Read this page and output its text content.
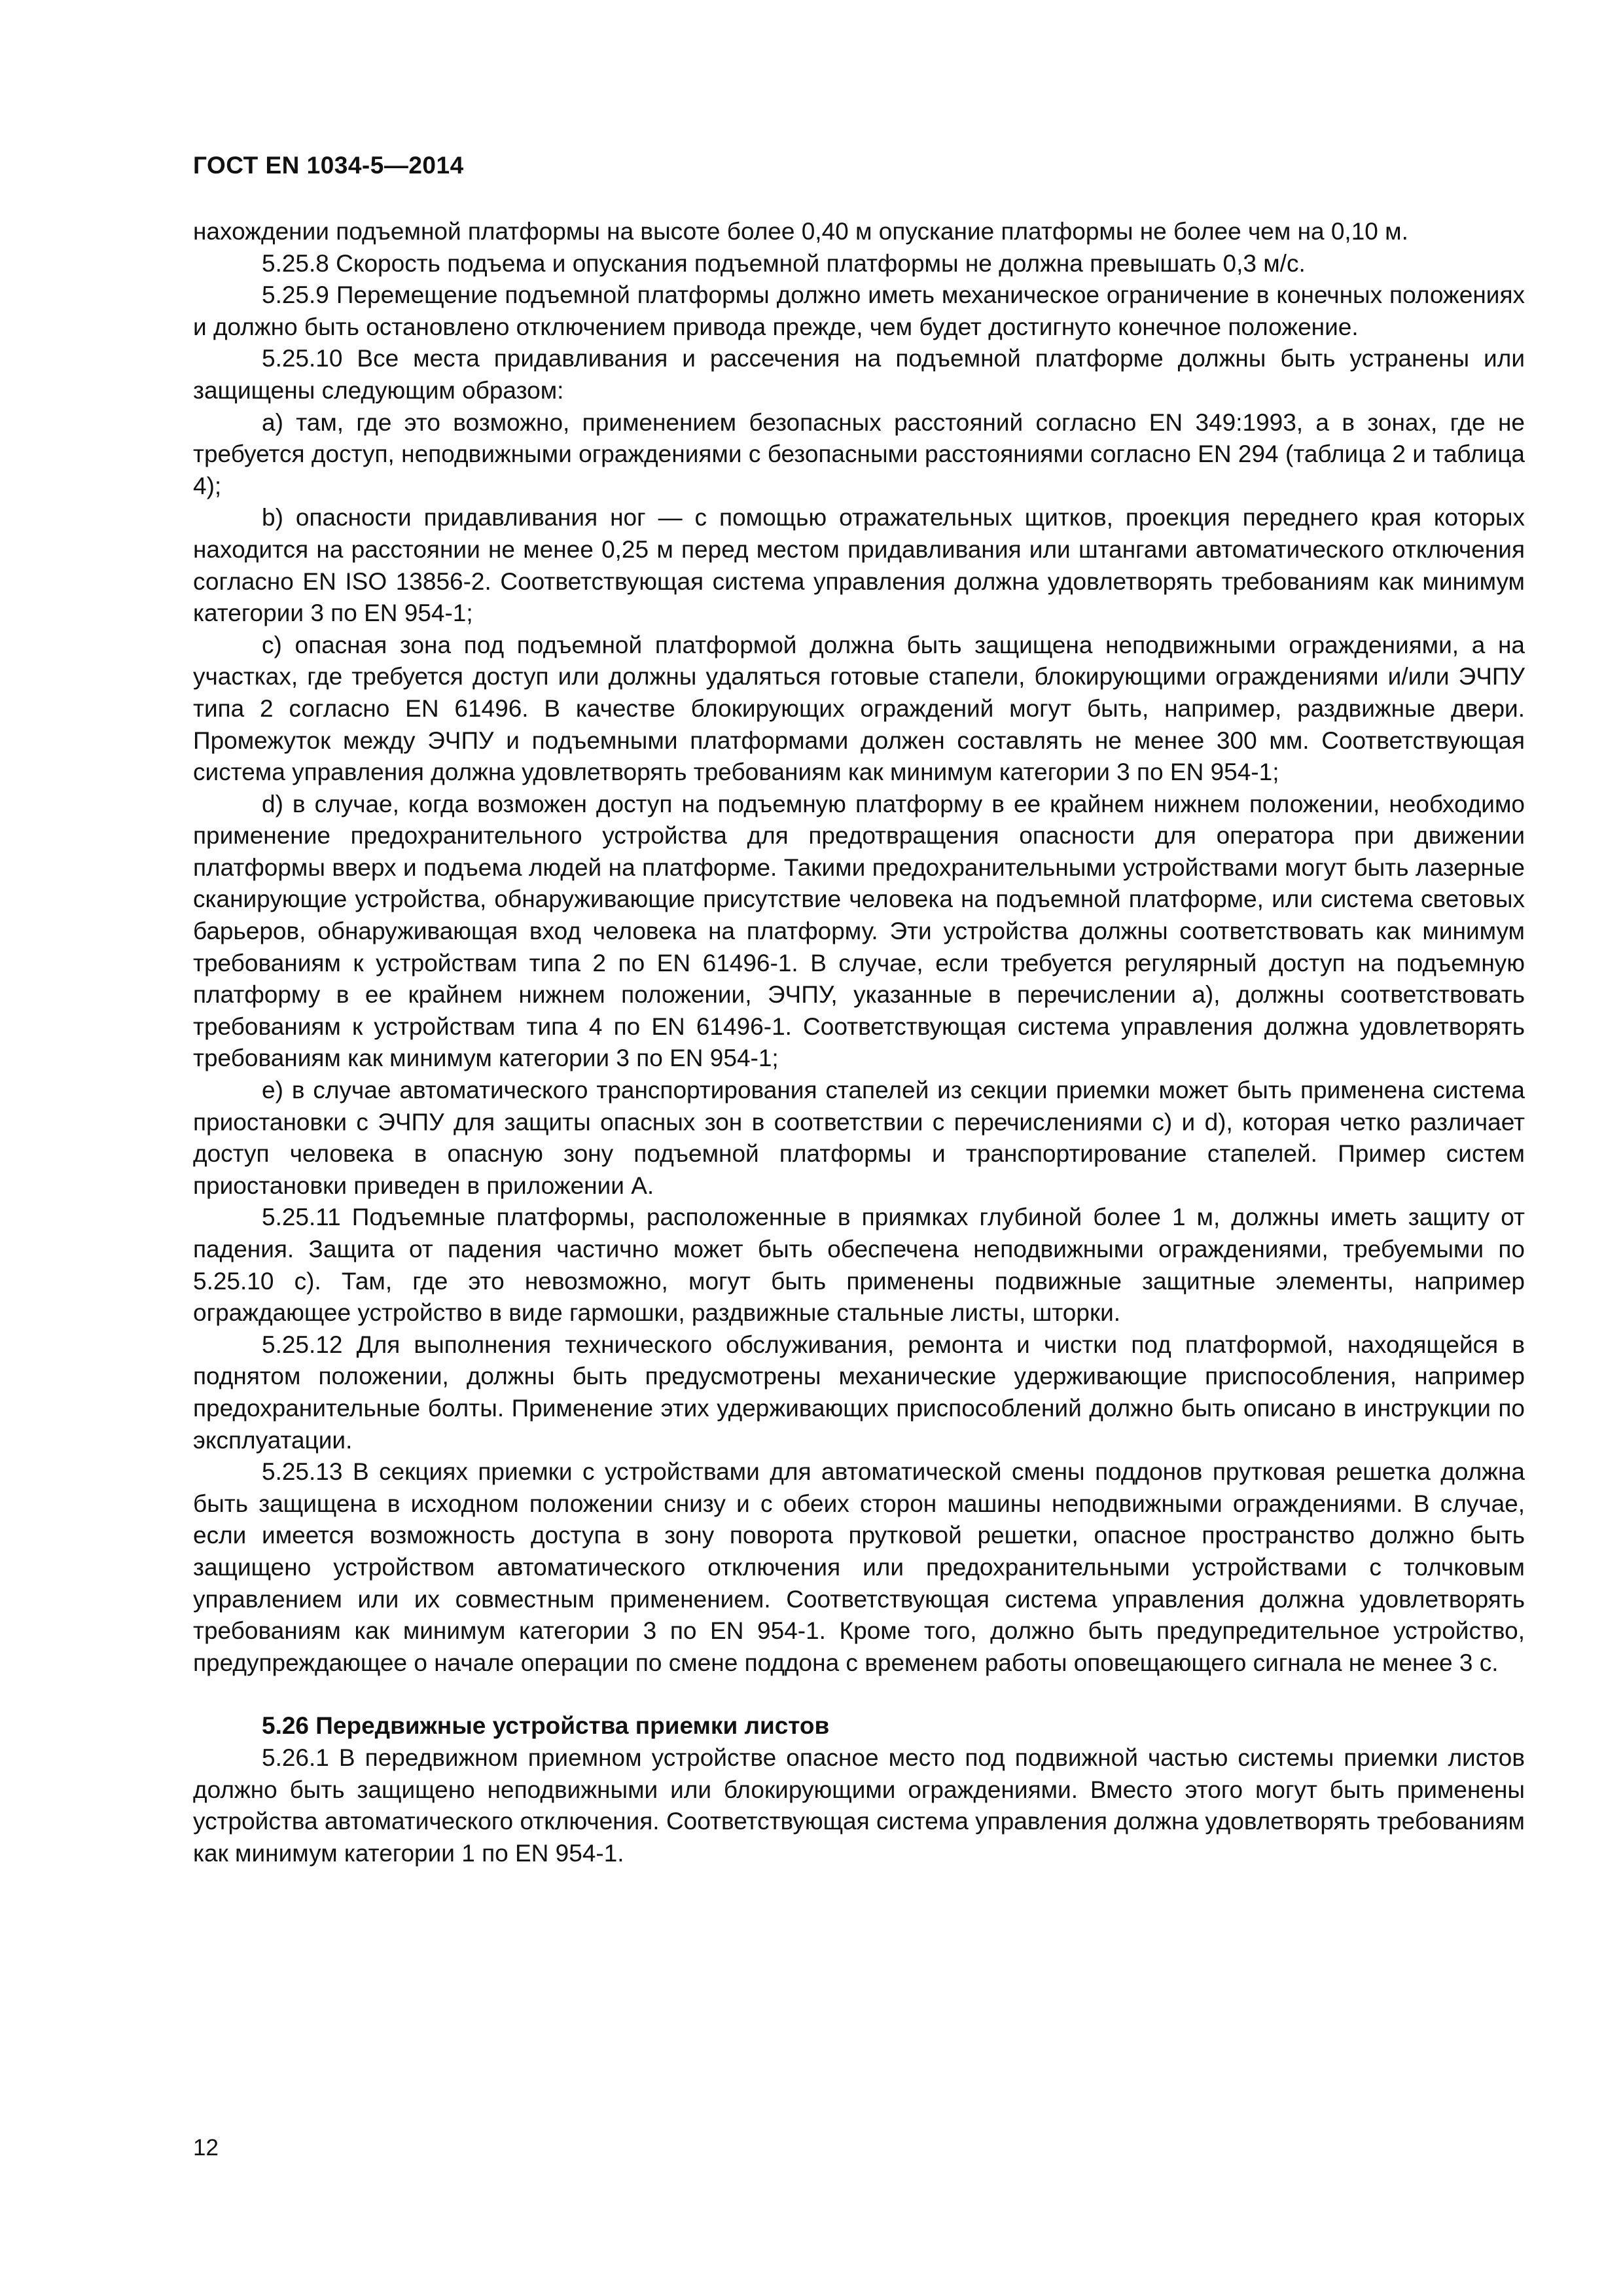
ГОСТ EN 1034-5—2014

нахождении подъемной платформы на высоте более 0,40 м опускание платформы не более чем на 0,10 м.

5.25.8 Скорость подъема и опускания подъемной платформы не должна превышать 0,3 м/с.

5.25.9 Перемещение подъемной платформы должно иметь механическое ограничение в конечных положениях и должно быть остановлено отключением привода прежде, чем будет достигнуто конечное положение.

5.25.10 Все места придавливания и рассечения на подъемной платформе должны быть устранены или защищены следующим образом:

а) там, где это возможно, применением безопасных расстояний согласно EN 349:1993, а в зонах, где не требуется доступ, неподвижными ограждениями с безопасными расстояниями согласно EN 294 (таблица 2 и таблица 4);

b) опасности придавливания ног — с помощью отражательных щитков, проекция переднего края которых находится на расстоянии не менее 0,25 м перед местом придавливания или штангами автоматического отключения согласно EN ISO 13856-2. Соответствующая система управления должна удовлетворять требованиям как минимум категории 3 по EN 954-1;

с) опасная зона под подъемной платформой должна быть защищена неподвижными ограждениями, а на участках, где требуется доступ или должны удаляться готовые стапели, блокирующими ограждениями и/или ЭЧПУ типа 2 согласно EN 61496. В качестве блокирующих ограждений могут быть, например, раздвижные двери. Промежуток между ЭЧПУ и подъемными платформами должен составлять не менее 300 мм. Соответствующая система управления должна удовлетворять требованиям как минимум категории 3 по EN 954-1;

d) в случае, когда возможен доступ на подъемную платформу в ее крайнем нижнем положении, необходимо применение предохранительного устройства для предотвращения опасности для оператора при движении платформы вверх и подъема людей на платформе. Такими предохранительными устройствами могут быть лазерные сканирующие устройства, обнаруживающие присутствие человека на подъемной платформе, или система световых барьеров, обнаруживающая вход человека на платформу. Эти устройства должны соответствовать как минимум требованиям к устройствам типа 2 по EN 61496-1. В случае, если требуется регулярный доступ на подъемную платформу в ее крайнем нижнем положении, ЭЧПУ, указанные в перечислении а), должны соответствовать требованиям к устройствам типа 4 по EN 61496-1. Соответствующая система управления должна удовлетворять требованиям как минимум категории 3 по EN 954-1;

е) в случае автоматического транспортирования стапелей из секции приемки может быть применена система приостановки с ЭЧПУ для защиты опасных зон в соответствии с перечислениями с) и d), которая четко различает доступ человека в опасную зону подъемной платформы и транспортирование стапелей. Пример систем приостановки приведен в приложении А.

5.25.11 Подъемные платформы, расположенные в приямках глубиной более 1 м, должны иметь защиту от падения. Защита от падения частично может быть обеспечена неподвижными ограждениями, требуемыми по 5.25.10 с). Там, где это невозможно, могут быть применены подвижные защитные элементы, например ограждающее устройство в виде гармошки, раздвижные стальные листы, шторки.

5.25.12 Для выполнения технического обслуживания, ремонта и чистки под платформой, находящейся в поднятом положении, должны быть предусмотрены механические удерживающие приспособления, например предохранительные болты. Применение этих удерживающих приспособлений должно быть описано в инструкции по эксплуатации.

5.25.13 В секциях приемки с устройствами для автоматической смены поддонов прутковая решетка должна быть защищена в исходном положении снизу и с обеих сторон машины неподвижными ограждениями. В случае, если имеется возможность доступа в зону поворота прутковой решетки, опасное пространство должно быть защищено устройством автоматического отключения или предохранительными устройствами с толчковым управлением или их совместным применением. Соответствующая система управления должна удовлетворять требованиям как минимум категории 3 по EN 954-1. Кроме того, должно быть предупредительное устройство, предупреждающее о начале операции по смене поддона с временем работы оповещающего сигнала не менее 3 с.

5.26 Передвижные устройства приемки листов

5.26.1 В передвижном приемном устройстве опасное место под подвижной частью системы приемки листов должно быть защищено неподвижными или блокирующими ограждениями. Вместо этого могут быть применены устройства автоматического отключения. Соответствующая система управления должна удовлетворять требованиям как минимум категории 1 по EN 954-1.

12
